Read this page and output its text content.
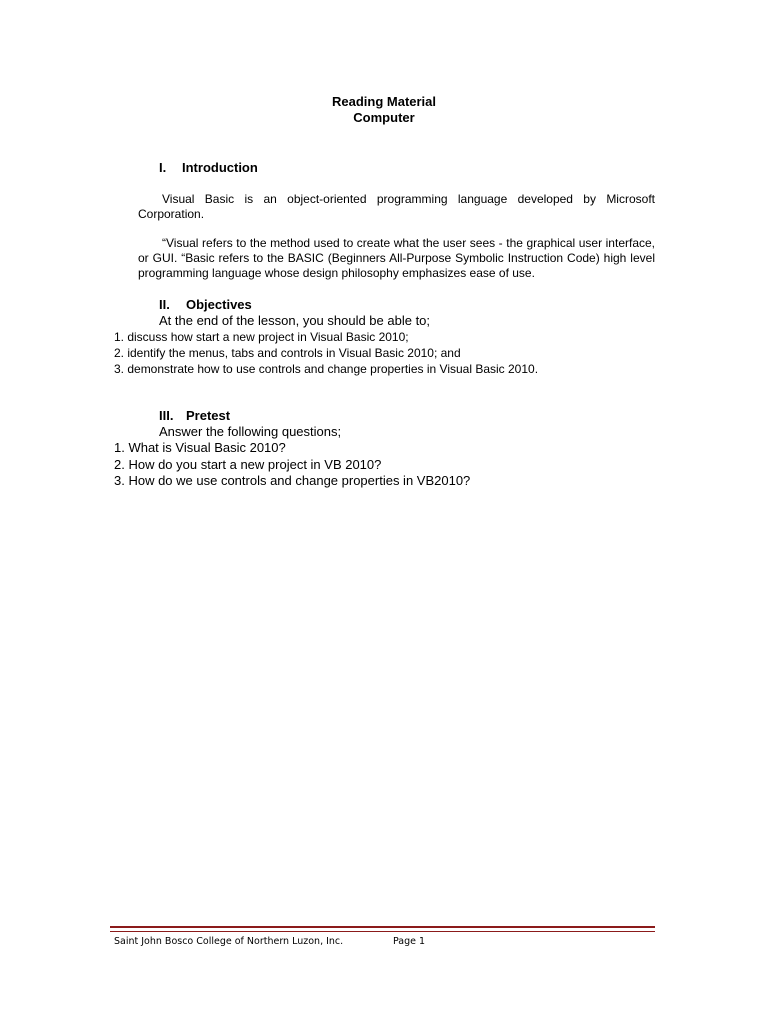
Reading Material
Computer
I. Introduction
Visual Basic is an object-oriented programming language developed by Microsoft Corporation.
“Visual refers to the method used to create what the user sees - the graphical user interface, or GUI. “Basic refers to the BASIC (Beginners All-Purpose Symbolic Instruction Code) high level programming language whose design philosophy emphasizes ease of use.
II. Objectives
At the end of the lesson, you should be able to;
1. discuss how start a new project in Visual Basic 2010;
2. identify the menus, tabs and controls in Visual Basic 2010; and
3. demonstrate how to use controls and change properties in Visual Basic 2010.
III. Pretest
Answer the following questions;
1. What is Visual Basic 2010?
2. How do you start a new project in VB 2010?
3. How do we use controls and change properties in VB2010?
Saint John Bosco College of Northern Luzon, Inc.	Page 1
